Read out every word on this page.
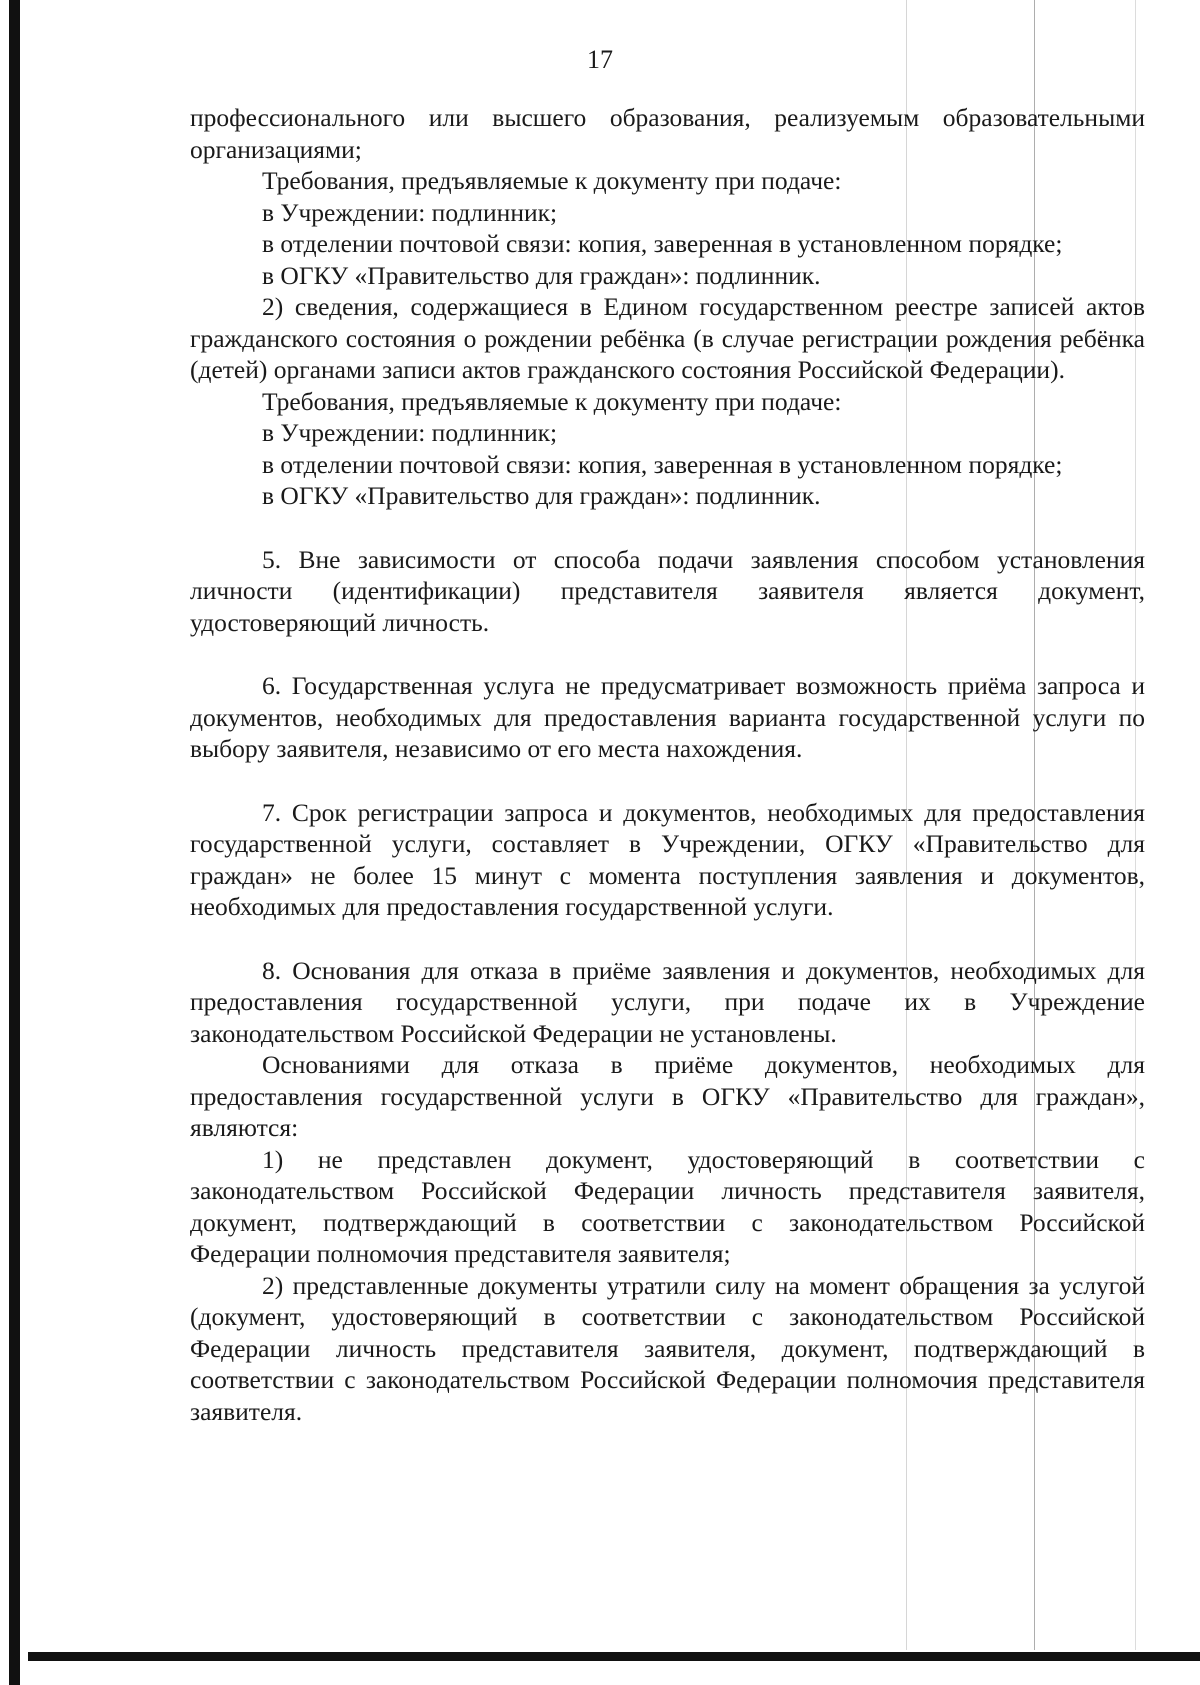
17

профессионального или высшего образования, реализуемым образовательными организациями;

Требования, предъявляемые к документу при подаче:

в Учреждении: подлинник;

в отделении почтовой связи: копия, заверенная в установленном порядке;

в ОГКУ «Правительство для граждан»: подлинник.

2) сведения, содержащиеся в Едином государственном реестре записей актов гражданского состояния о рождении ребёнка (в случае регистрации рождения ребёнка (детей) органами записи актов гражданского состояния Российской Федерации).

Требования, предъявляемые к документу при подаче:

в Учреждении: подлинник;

в отделении почтовой связи: копия, заверенная в установленном порядке;

в ОГКУ «Правительство для граждан»: подлинник.

5. Вне зависимости от способа подачи заявления способом установления личности (идентификации) представителя заявителя является документ, удостоверяющий личность.

6. Государственная услуга не предусматривает возможность приёма запроса и документов, необходимых для предоставления варианта государственной услуги по выбору заявителя, независимо от его места нахождения.

7. Срок регистрации запроса и документов, необходимых для предоставления государственной услуги, составляет в Учреждении, ОГКУ «Правительство для граждан» не более 15 минут с момента поступления заявления и документов, необходимых для предоставления государственной услуги.

8. Основания для отказа в приёме заявления и документов, необходимых для предоставления государственной услуги, при подаче их в Учреждение законодательством Российской Федерации не установлены.

Основаниями для отказа в приёме документов, необходимых для предоставления государственной услуги в ОГКУ «Правительство для граждан», являются:

1) не представлен документ, удостоверяющий в соответствии с законодательством Российской Федерации личность представителя заявителя, документ, подтверждающий в соответствии с законодательством Российской Федерации полномочия представителя заявителя;

2) представленные документы утратили силу на момент обращения за услугой (документ, удостоверяющий в соответствии с законодательством Российской Федерации личность представителя заявителя, документ, подтверждающий в соответствии с законодательством Российской Федерации полномочия представителя заявителя.
